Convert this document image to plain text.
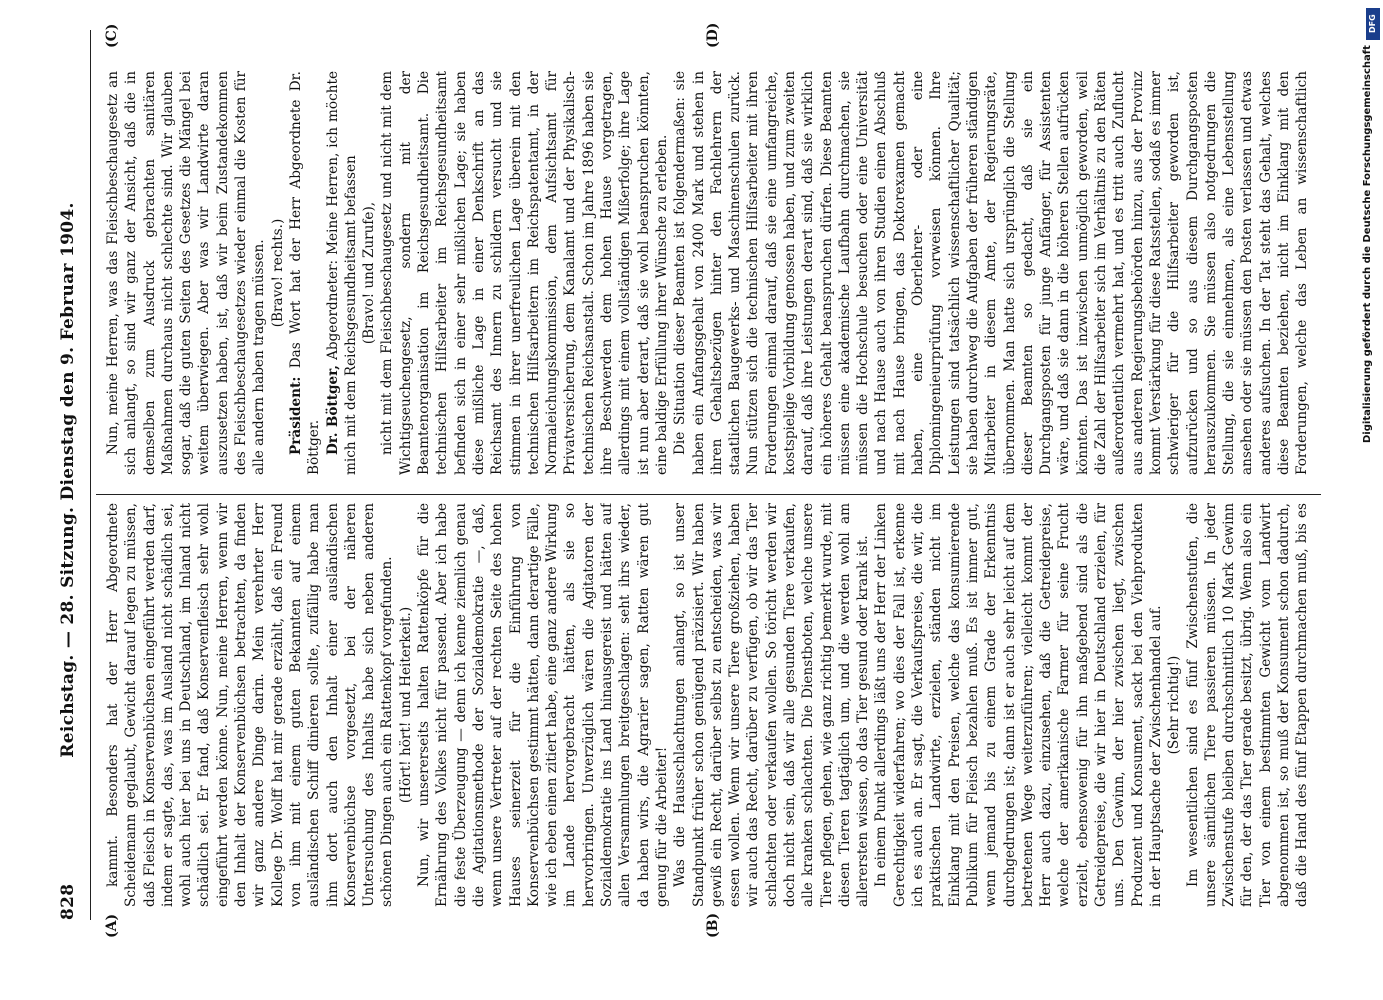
828
Reichstag. — 28. Sitzung. Dienstag den 9. Februar 1904.
(A)	(B)
(C)	(D)

kammt. Besonders hat der Herr Abgeordnete Scheidemann geglaubt, Gewicht darauf legen zu müssen, daß Fleisch in Konservenbüchsen eingeführt werden darf, indem er sagte, das, was im Ausland nicht schädlich sei, wohl auch hier bei uns in Deutschland, im Inland nicht schädlich sei. Er fand, daß Konservenfleisch sehr wohl eingeführt werden könne. Nun, meine Herren, wenn wir den Inhalt der Konservenbüchsen betrachten, da finden wir ganz andere Dinge darin. Mein verehrter Herr Kollege Dr. Wolff hat mir gerade erzählt, daß ein Freund von ihm mit einem guten Bekannten auf einem ausländischen Schiff dinieren sollte, zufällig habe man ihm dort auch den Inhalt einer ausländischen Konservenbüchse vorgesetzt, bei der näheren Untersuchung des Inhalts habe sich neben anderen schönen Dingen auch ein Rattenkopf vorgefunden. (Hört! hört! und Heiterkeit.) Nun, wir unsererseits halten Rattenköpfe für die Ernährung des Volkes nicht für passend. Aber ich habe die feste Überzeugung — denn ich kenne ziemlich genau die Agitationsmethode der Sozialdemokratie —, daß, wenn unsere Vertreter auf der rechten Seite des hohen Hauses seinerzeit für die Einführung von Konservenbüchsen gestimmt hätten, dann derartige Fälle, wie ich eben einen zitiert habe, eine ganz andere Wirkung im Lande hervorgebracht hätten, als sie so hervorbringen. Unverzüglich wären die Agitatoren der Sozialdemokratie ins Land hinausgereist und hätten auf allen Versammlungen breitgeschlagen: seht ihrs wieder, da haben wirs, die Agrarier sagen, Ratten wären gut genug für die Arbeiter! Was die Hausschlachtungen anlangt, so ist unser Standpunkt früher schon genügend präzisiert. Wir haben gewiß ein Recht, darüber selbst zu entscheiden, was wir essen wollen. Wenn wir unsere Tiere großziehen, haben wir auch das Recht, darüber zu verfügen, ob wir das Tier schlachten oder verkaufen wollen. So töricht werden wir doch nicht sein, daß wir alle gesunden Tiere verkaufen, alle kranken schlachten. Die Dienstboten, welche unsere Tiere pflegen, gehen, wie ganz richtig bemerkt wurde, mit diesen Tieren tagtäglich um, und die werden wohl am allerersten wissen, ob das Tier gesund oder krank ist. In einem Punkt allerdings läßt uns der Herr der Linken Gerechtigkeit widerfahren; wo dies der Fall ist, erkenne ich es auch an. Er sagt, die Verkaufspreise, die wir, die praktischen Landwirte, erzielen, ständen nicht im Einklang mit den Preisen, welche das konsumierende Publikum für Fleisch bezahlen muß. Es ist immer gut, wenn jemand bis zu einem Grade der Erkenntnis durchgedrungen ist; dann ist er auch sehr leicht auf dem betretenen Wege weiterzuführen; vielleicht kommt der Herr auch dazu, einzusehen, daß die Getreidepreise, welche der amerikanische Farmer für seine Frucht erzielt, ebensowenig für ihn maßgebend sind als die Getreidepreise, die wir hier in Deutschland erzielen, für uns. Den Gewinn, der hier zwischen liegt, zwischen Produzent und Konsument, sackt bei den Viehprodukten in der Hauptsache der Zwischenhandel auf. (Sehr richtig!)

Im wesentlichen sind es fünf Zwischenstufen, die unsere sämtlichen Tiere passieren müssen. In jeder Zwischenstufe bleiben durchschnittlich 10 Mark Gewinn für den, der das Tier gerade besitzt, übrig. Wenn also ein Tier von einem bestimmten Gewicht vom Landwirt abgenommen ist, so muß der Konsument schon dadurch, daß die Hand des fünf Etappen durchmachen muß, bis es

Nun, meine Herren, was das Fleischbeschaugesetz an sich anlangt, so sind wir ganz der Ansicht, daß die in demselben zum Ausdruck gebrachten sanitären Maßnahmen durchaus nicht schlechte sind. Wir glauben sogar, daß die guten Seiten des Gesetzes die Mängel bei weitem überwiegen. Aber was wir Landwirte daran auszusetzen haben, ist, daß wir beim Zustandekommen des Fleischbeschaugesetzes wieder einmal die Kosten für alle andern haben tragen müssen. (Bravo! rechts.)

Präsident: Das Wort hat der Herr Abgeordnete Dr. Böttger. Dr. Böttger, Abgeordneter: Meine Herren, ich möchte mich mit dem Reichsgesundheitsamt befassen (Bravo! und Zurufe), nicht mit dem Fleischbeschaugesetz und nicht mit dem Wichtigseuchengesetz, sondern mit der Beamtenorganisation im Reichsgesundheitsamt. Die technischen Hilfsarbeiter im Reichsgesundheitsamt befinden sich in einer sehr mißlichen Lage; sie haben diese mißliche Lage in einer Denkschrift an das Reichsamt des Innern zu schildern versucht und sie stimmen in ihrer unerfreulichen Lage überein mit den technischen Hilfsarbeitern im Reichspatentamt, in der Normaleichungskommission, dem Aufsichtsamt für Privatversicherung, dem Kanalamt und der Physikalisch-technischen Reichsanstalt. Schon im Jahre 1896 haben sie ihre Beschwerden dem hohen Hause vorgetragen, allerdings mit einem vollständigen Mißerfolge; ihre Lage ist nun aber derart, daß sie wohl beanspruchen könnten, eine baldige Erfüllung ihrer Wünsche zu erleben. Die Situation dieser Beamten ist folgendermaßen: sie haben ein Anfangsgehalt von 2400 Mark und stehen in ihren Gehaltsbezügen hinter den Fachlehrern der staatlichen Baugewerks- und Maschinenschulen zurück. Nun stützen sich die technischen Hilfsarbeiter mit ihren Forderungen einmal darauf, daß sie eine umfangreiche, kostspielige Vorbildung genossen haben, und zum zweiten darauf, daß ihre Leistungen derart sind, daß sie wirklich ein höheres Gehalt beanspruchen dürfen. Diese Beamten müssen eine akademische Laufbahn durchmachen, sie müssen die Hochschule besuchen oder eine Universität und nach Hause auch von ihren Studien einen Abschluß mit nach Hause bringen, das Doktorexamen gemacht haben, eine Oberlehrer- oder eine Diplomingenieurprüfung vorweisen können. Ihre Leistungen sind tatsächlich wissenschaftlicher Qualität; sie haben durchweg die Aufgaben der früheren ständigen Mitarbeiter in diesem Amte, der Regierungsräte, übernommen. Man hatte sich ursprünglich die Stellung dieser Beamten so gedacht, daß sie ein Durchgangsposten für junge Anfänger, für Assistenten wäre, und daß sie dann in die höheren Stellen aufrücken könnten. Das ist inzwischen unmöglich geworden, weil die Zahl der Hilfsarbeiter sich im Verhältnis zu den Räten außerordentlich vermehrt hat, und es tritt auch Zuflucht aus anderen Regierungsbehörden hinzu, aus der Provinz kommt Verstärkung für diese Ratsstellen, sodaß es immer schwieriger für die Hilfsarbeiter geworden ist, aufzurücken und so aus diesem Durchgangsposten herauszukommen. Sie müssen also notgedrungen die Stellung, die sie einnehmen, als eine Lebensstellung ansehen oder sie müssen den Posten verlassen und etwas anderes aufsuchen. In der Tat steht das Gehalt, welches diese Beamten beziehen, nicht im Einklang mit den Forderungen, welche das Leben an wissenschaftlich

DFG
Digitalisierung gefördert durch die Deutsche Forschungsgemeinschaft
